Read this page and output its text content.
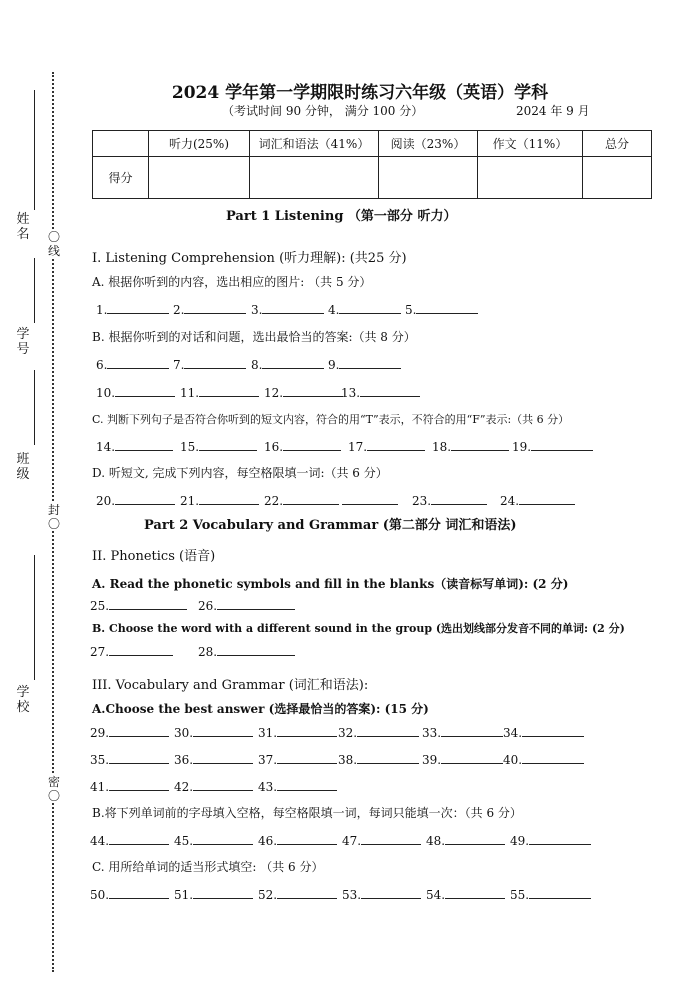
姓名
学号
班级
学校
〇线
封〇
密〇
2024 学年第一学期限时练习六年级（英语）学科
（考试时间 90 分钟， 满分 100 分）	2024 年 9 月
	听力(25%)	词汇和语法（41%）	阅读（23%）	作文（11%）	总分
得分					
Part 1 Listening （第一部分 听力）
I. Listening Comprehension (听力理解): (共25 分)
A. 根据你听到的内容，选出相应的图片: （共 5 分）
1.	2.	3.	4.	5.
B. 根据你听到的对话和问题，选出最恰当的答案:（共 8 分）
6.	7.	8.	9.
10.	11.	12.	13.
C. 判断下列句子是否符合你听到的短文内容，符合的用“T”表示，不符合的用“F”表示:（共 6 分）
14.	15.	16.	17.	18.	19.
D. 听短文, 完成下列内容，每空格限填一词:（共 6 分）
20.	21.	22.	23.	24.
Part 2 Vocabulary and Grammar (第二部分 词汇和语法)
II. Phonetics (语音)
A. Read the phonetic symbols and fill in the blanks（读音标写单词): (2 分)
25.	26.
B. Choose the word with a different sound in the group (选出划线部分发音不同的单词: (2 分)
27.	28.
III. Vocabulary and Grammar (词汇和语法):
A.Choose the best answer (选择最恰当的答案): (15 分)
29.	30.	31.	32.	33.	34.
35.	36.	37.	38.	39.	40.
41.	42.	43.
B.将下列单词前的字母填入空格，每空格限填一词，每词只能填一次：（共 6 分）
44.	45.	46.	47.	48.	49.
C. 用所给单词的适当形式填空: （共 6 分）
50.	51.	52.	53.	54.	55.
